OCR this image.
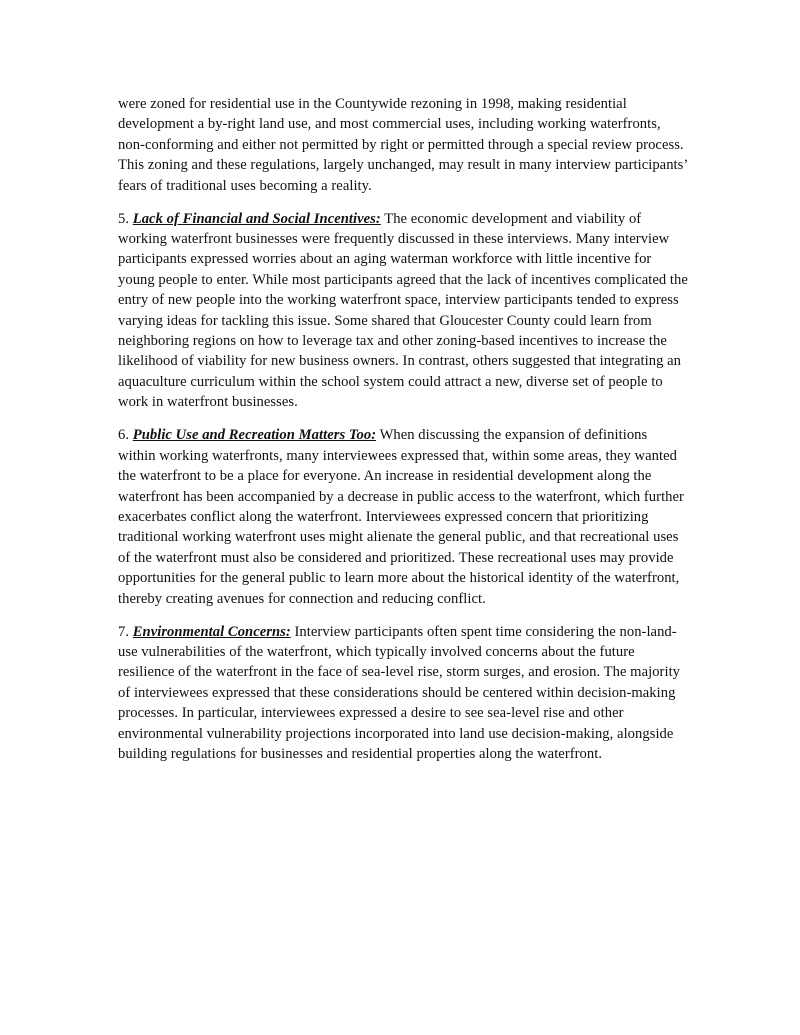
were zoned for residential use in the Countywide rezoning in 1998, making residential development a by-right land use, and most commercial uses, including working waterfronts, non-conforming and either not permitted by right or permitted through a special review process. This zoning and these regulations, largely unchanged, may result in many interview participants’ fears of traditional uses becoming a reality.

5. Lack of Financial and Social Incentives: The economic development and viability of working waterfront businesses were frequently discussed in these interviews. Many interview participants expressed worries about an aging waterman workforce with little incentive for young people to enter. While most participants agreed that the lack of incentives complicated the entry of new people into the working waterfront space, interview participants tended to express varying ideas for tackling this issue. Some shared that Gloucester County could learn from neighboring regions on how to leverage tax and other zoning-based incentives to increase the likelihood of viability for new business owners. In contrast, others suggested that integrating an aquaculture curriculum within the school system could attract a new, diverse set of people to work in waterfront businesses.

6. Public Use and Recreation Matters Too: When discussing the expansion of definitions within working waterfronts, many interviewees expressed that, within some areas, they wanted the waterfront to be a place for everyone. An increase in residential development along the waterfront has been accompanied by a decrease in public access to the waterfront, which further exacerbates conflict along the waterfront. Interviewees expressed concern that prioritizing traditional working waterfront uses might alienate the general public, and that recreational uses of the waterfront must also be considered and prioritized. These recreational uses may provide opportunities for the general public to learn more about the historical identity of the waterfront, thereby creating avenues for connection and reducing conflict.

7. Environmental Concerns: Interview participants often spent time considering the non-land-use vulnerabilities of the waterfront, which typically involved concerns about the future resilience of the waterfront in the face of sea-level rise, storm surges, and erosion. The majority of interviewees expressed that these considerations should be centered within decision-making processes. In particular, interviewees expressed a desire to see sea-level rise and other environmental vulnerability projections incorporated into land use decision-making, alongside building regulations for businesses and residential properties along the waterfront.
